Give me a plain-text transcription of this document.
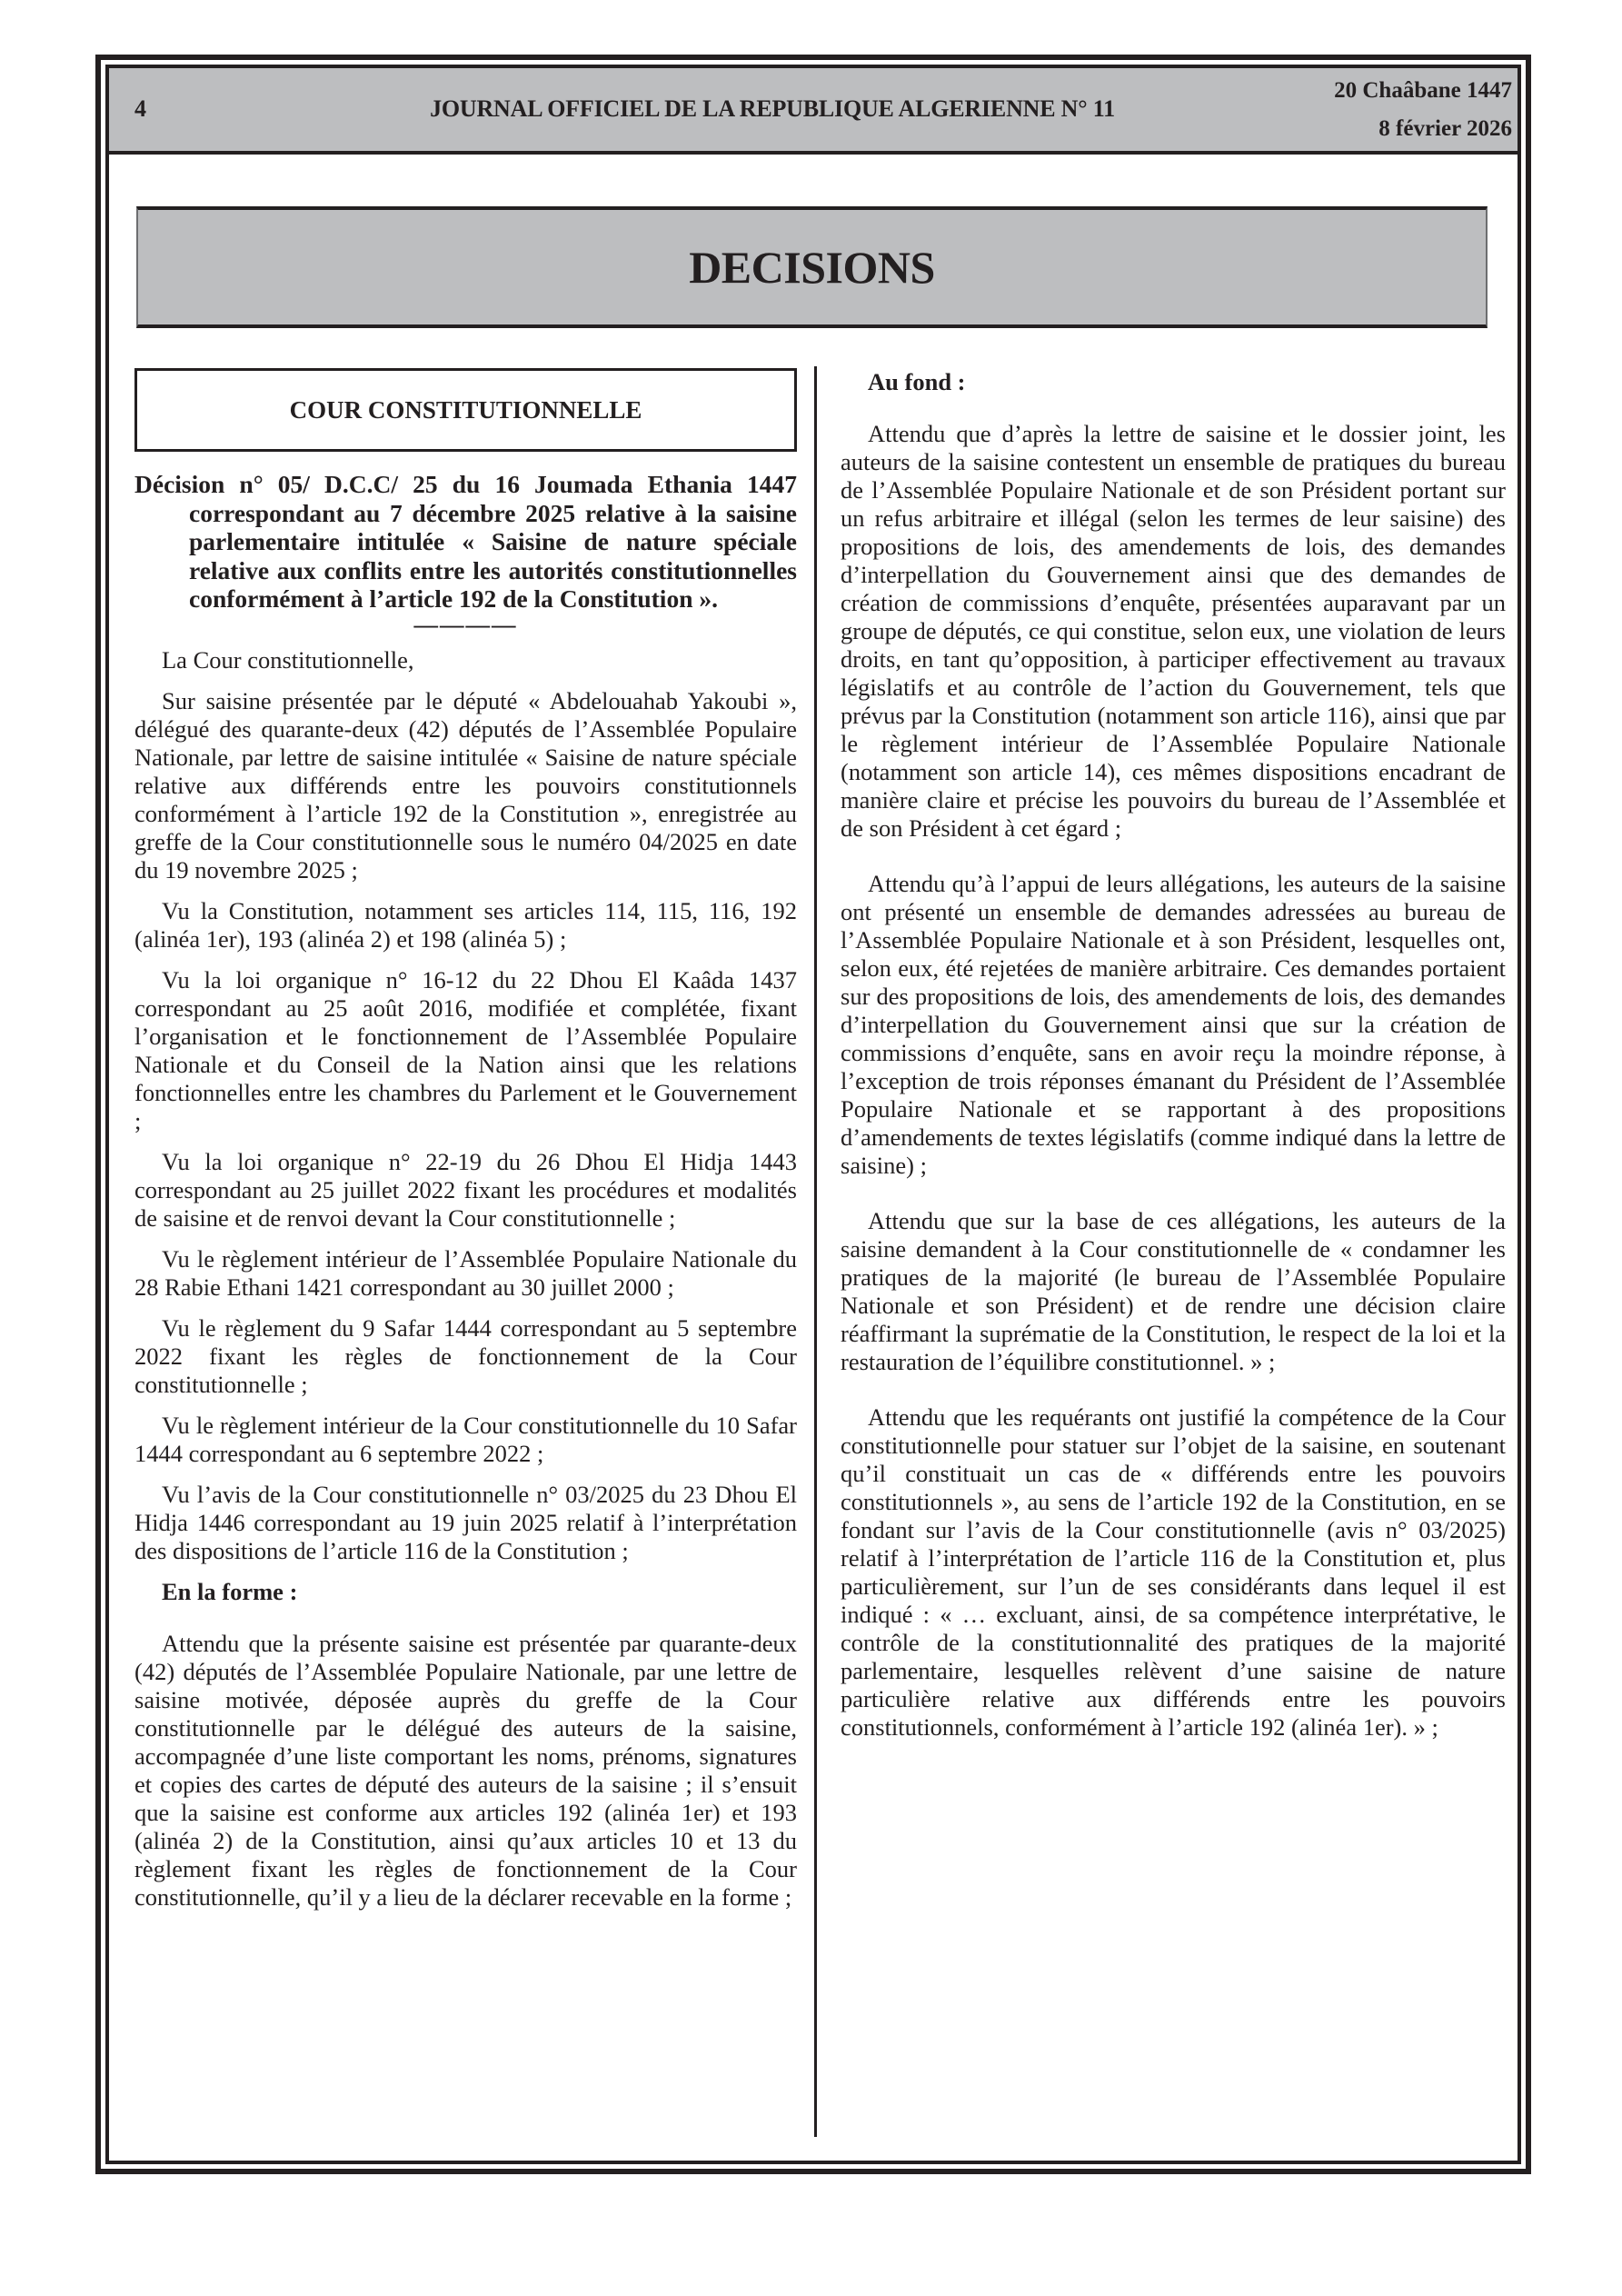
4	JOURNAL OFFICIEL DE LA REPUBLIQUE ALGERIENNE N° 11
20 Chaâbane 1447
8 février 2026
DECISIONS
COUR CONSTITUTIONNELLE
Décision n° 05/ D.C.C/ 25 du 16 Joumada Ethania 1447 correspondant au 7 décembre 2025 relative à la saisine parlementaire intitulée « Saisine de nature spéciale relative aux conflits entre les autorités constitutionnelles conformément à l’article 192 de la Constitution ».
————

La Cour constitutionnelle,

Sur saisine présentée par le député « Abdelouahab Yakoubi », délégué des quarante-deux (42) députés de l’Assemblée Populaire Nationale, par lettre de saisine intitulée « Saisine de nature spéciale relative aux différends entre les pouvoirs constitutionnels conformément à l’article 192 de la Constitution », enregistrée au greffe de la Cour constitutionnelle sous le numéro 04/2025 en date du 19 novembre 2025 ;

Vu la Constitution, notamment ses articles 114, 115, 116, 192 (alinéa 1er), 193 (alinéa 2) et 198 (alinéa 5) ;

Vu la loi organique n° 16-12 du 22 Dhou El Kaâda 1437 correspondant au 25 août 2016, modifiée et complétée, fixant l’organisation et le fonctionnement de l’Assemblée Populaire Nationale et du Conseil de la Nation ainsi que les relations fonctionnelles entre les chambres du Parlement et le Gouvernement ;

Vu la loi organique n° 22-19 du 26 Dhou El Hidja 1443 correspondant au 25 juillet 2022 fixant les procédures et modalités de saisine et de renvoi devant la Cour constitutionnelle ;

Vu le règlement intérieur de l’Assemblée Populaire Nationale du 28 Rabie Ethani 1421 correspondant au 30 juillet 2000 ;

Vu le règlement du 9 Safar 1444 correspondant au 5 septembre 2022 fixant les règles de fonctionnement de la Cour constitutionnelle ;

Vu le règlement intérieur de la Cour constitutionnelle du 10 Safar 1444 correspondant au 6 septembre 2022 ;

Vu l’avis de la Cour constitutionnelle n° 03/2025 du 23 Dhou El Hidja 1446 correspondant au 19 juin 2025 relatif à l’interprétation des dispositions de l’article 116 de la Constitution ;

En la forme :

Attendu que la présente saisine est présentée par quarante-deux (42) députés de l’Assemblée Populaire Nationale, par une lettre de saisine motivée, déposée auprès du greffe de la Cour constitutionnelle par le délégué des auteurs de la saisine, accompagnée d’une liste comportant les noms, prénoms, signatures et copies des cartes de député des auteurs de la saisine ; il s’ensuit que la saisine est conforme aux articles 192 (alinéa 1er) et 193 (alinéa 2) de la Constitution, ainsi qu’aux articles 10 et 13 du règlement fixant les règles de fonctionnement de la Cour constitutionnelle, qu’il y a lieu de la déclarer recevable en la forme ;

Au fond :

Attendu que d’après la lettre de saisine et le dossier joint, les auteurs de la saisine contestent un ensemble de pratiques du bureau de l’Assemblée Populaire Nationale et de son Président portant sur un refus arbitraire et illégal (selon les termes de leur saisine) des propositions de lois, des amendements de lois, des demandes d’interpellation du Gouvernement ainsi que des demandes de création de commissions d’enquête, présentées auparavant par un groupe de députés, ce qui constitue, selon eux, une violation de leurs droits, en tant qu’opposition, à participer effectivement au travaux législatifs et au contrôle de l’action du Gouvernement, tels que prévus par la Constitution (notamment son article 116), ainsi que par le règlement intérieur de l’Assemblée Populaire Nationale (notamment son article 14), ces mêmes dispositions encadrant de manière claire et précise les pouvoirs du bureau de l’Assemblée et de son Président à cet égard ;

Attendu qu’à l’appui de leurs allégations, les auteurs de la saisine ont présenté un ensemble de demandes adressées au bureau de l’Assemblée Populaire Nationale et à son Président, lesquelles ont, selon eux, été rejetées de manière arbitraire. Ces demandes portaient sur des propositions de lois, des amendements de lois, des demandes d’interpellation du Gouvernement ainsi que sur la création de commissions d’enquête, sans en avoir reçu la moindre réponse, à l’exception de trois réponses émanant du Président de l’Assemblée Populaire Nationale et se rapportant à des propositions d’amendements de textes législatifs (comme indiqué dans la lettre de saisine) ;

Attendu que sur la base de ces allégations, les auteurs de la saisine demandent à la Cour constitutionnelle de « condamner les pratiques de la majorité (le bureau de l’Assemblée Populaire Nationale et son Président) et de rendre une décision claire réaffirmant la suprématie de la Constitution, le respect de la loi et la restauration de l’équilibre constitutionnel. » ;

Attendu que les requérants ont justifié la compétence de la Cour constitutionnelle pour statuer sur l’objet de la saisine, en soutenant qu’il constituait un cas de « différends entre les pouvoirs constitutionnels », au sens de l’article 192 de la Constitution, en se fondant sur l’avis de la Cour constitutionnelle (avis n° 03/2025) relatif à l’interprétation de l’article 116 de la Constitution et, plus particulièrement, sur l’un de ses considérants dans lequel il est indiqué : « … excluant, ainsi, de sa compétence interprétative, le contrôle de la constitutionnalité des pratiques de la majorité parlementaire, lesquelles relèvent d’une saisine de nature particulière relative aux différends entre les pouvoirs constitutionnels, conformément à l’article 192 (alinéa 1er). » ;
